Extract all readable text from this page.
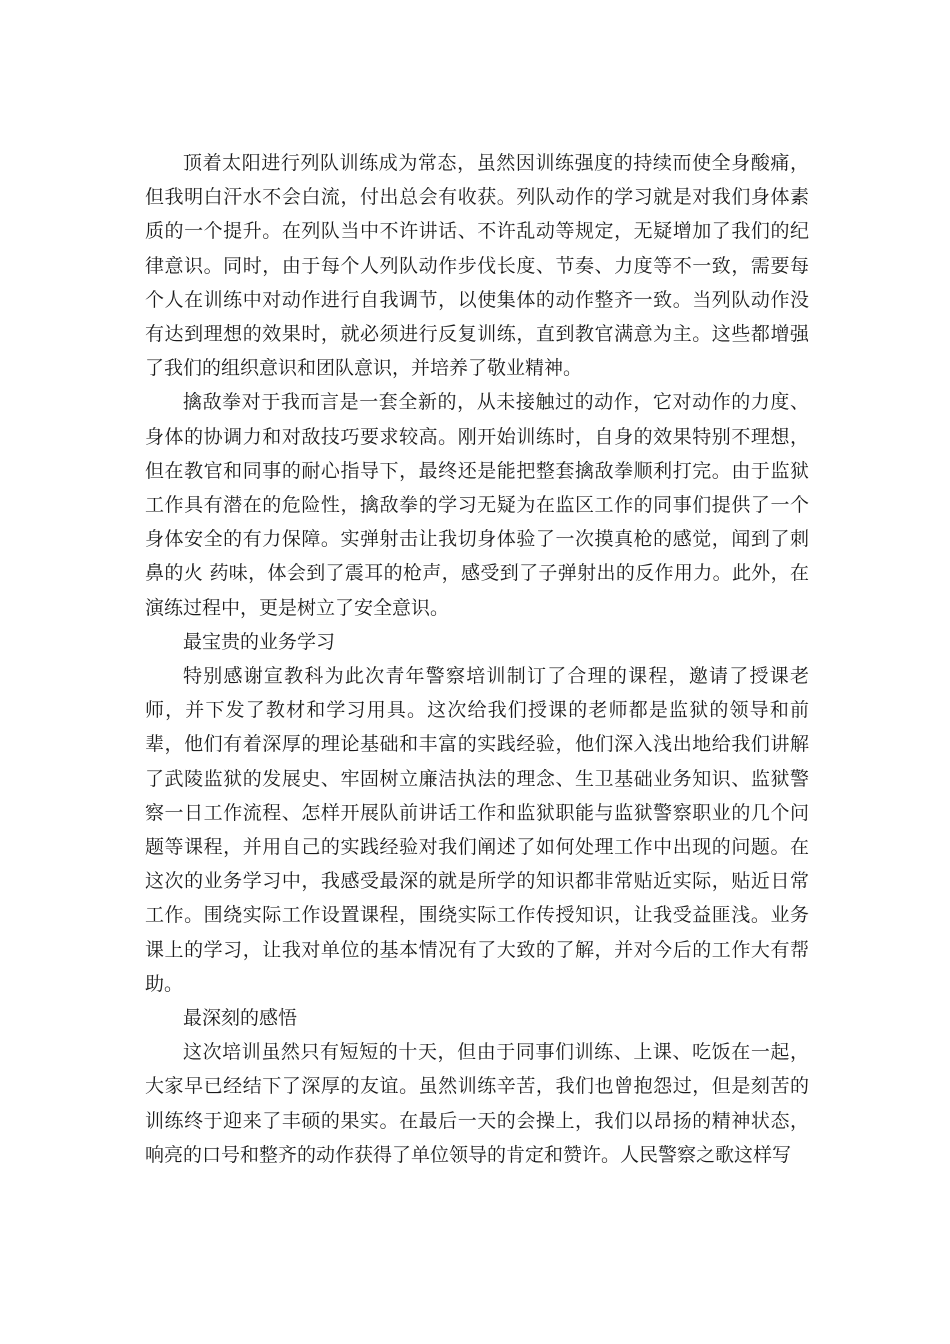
顶着太阳进行列队训练成为常态，虽然因训练强度的持续而使全身酸痛，但我明白汗水不会白流，付出总会有收获。列队动作的学习就是对我们身体素质的一个提升。在列队当中不许讲话、不许乱动等规定，无疑增加了我们的纪律意识。同时，由于每个人列队动作步伐长度、节奏、力度等不一致，需要每个人在训练中对动作进行自我调节，以使集体的动作整齐一致。当列队动作没有达到理想的效果时，就必须进行反复训练，直到教官满意为主。这些都增强了我们的组织意识和团队意识，并培养了敬业精神。

擒敌拳对于我而言是一套全新的，从未接触过的动作，它对动作的力度、身体的协调力和对敌技巧要求较高。刚开始训练时，自身的效果特别不理想，但在教官和同事的耐心指导下，最终还是能把整套擒敌拳顺利打完。由于监狱工作具有潜在的危险性，擒敌拳的学习无疑为在监区工作的同事们提供了一个身体安全的有力保障。实弹射击让我切身体验了一次摸真枪的感觉，闻到了刺鼻的火 药味，体会到了震耳的枪声，感受到了子弹射出的反作用力。此外，在演练过程中，更是树立了安全意识。

最宝贵的业务学习

特别感谢宣教科为此次青年警察培训制订了合理的课程，邀请了授课老师，并下发了教材和学习用具。这次给我们授课的老师都是监狱的领导和前辈，他们有着深厚的理论基础和丰富的实践经验，他们深入浅出地给我们讲解了武陵监狱的发展史、牢固树立廉洁执法的理念、生卫基础业务知识、监狱警察一日工作流程、怎样开展队前讲话工作和监狱职能与监狱警察职业的几个问题等课程，并用自己的实践经验对我们阐述了如何处理工作中出现的问题。在这次的业务学习中，我感受最深的就是所学的知识都非常贴近实际，贴近日常工作。围绕实际工作设置课程，围绕实际工作传授知识，让我受益匪浅。业务课上的学习，让我对单位的基本情况有了大致的了解，并对今后的工作大有帮助。

最深刻的感悟

这次培训虽然只有短短的十天，但由于同事们训练、上课、吃饭在一起，大家早已经结下了深厚的友谊。虽然训练辛苦，我们也曾抱怨过，但是刻苦的训练终于迎来了丰硕的果实。在最后一天的会操上，我们以昂扬的精神状态，响亮的口号和整齐的动作获得了单位领导的肯定和赞许。人民警察之歌这样写
